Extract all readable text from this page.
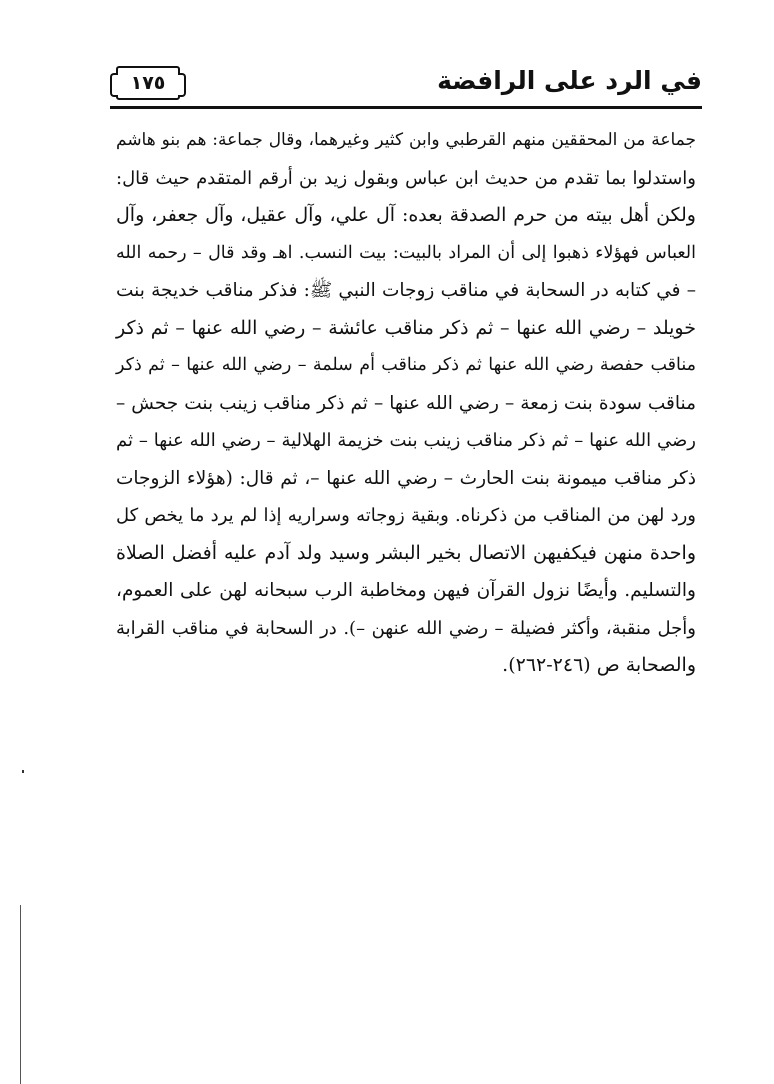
في الرد على الرافضة
١٧٥
جماعة من المحققين منهم القرطبي وابن كثير وغيرهما، وقال جماعة: هم بنو هاشم
واستدلوا بما تقدم من حديث ابن عباس وبقول زيد بن أرقم المتقدم حيث قال:
ولكن أهل بيته من حرم الصدقة بعده: آل علي، وآل عقيل، وآل جعفر، وآل
العباس فهؤلاء ذهبوا إلى أن المراد بالبيت: بيت النسب. اهـ وقد قال – رحمه الله
– في كتابه در السحابة في مناقب زوجات النبي ﷺ: فذكر مناقب خديجة بنت
خويلد – رضي الله عنها – ثم ذكر مناقب عائشة – رضي الله عنها – ثم ذكر
مناقب حفصة رضي الله عنها ثم ذكر مناقب أم سلمة – رضي الله عنها – ثم ذكر
مناقب سودة بنت زمعة – رضي الله عنها – ثم ذكر مناقب زينب بنت جحش –
رضي الله عنها – ثم ذكر مناقب زينب بنت خزيمة الهلالية – رضي الله عنها – ثم
ذكر مناقب ميمونة بنت الحارث – رضي الله عنها –، ثم قال: (هؤلاء الزوجات
ورد لهن من المناقب من ذكرناه. وبقية زوجاته وسراريه إذا لم يرد ما يخص كل
واحدة منهن فيكفيهن الاتصال بخير البشر وسيد ولد آدم عليه أفضل الصلاة
والتسليم. وأيضًا نزول القرآن فيهن ومخاطبة الرب سبحانه لهن على العموم،
وأجل منقبة، وأكثر فضيلة – رضي الله عنهن –). در السحابة في مناقب القرابة
والصحابة ص (٢٤٦-٢٦٢).
